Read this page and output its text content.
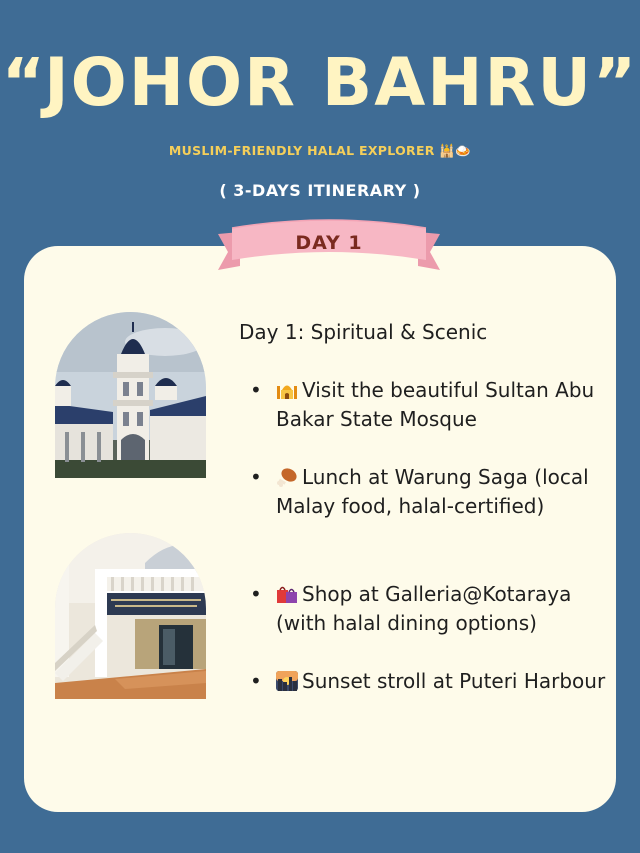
“JOHOR BAHRU”
MUSLIM-FRIENDLY HALAL EXPLORER 🕌🍛
( 3-DAYS ITINERARY )
DAY 1
Day 1: Spiritual & Scenic
•	Visit the beautiful Sultan Abu Bakar State Mosque
•	Lunch at Warung Saga (local Malay food, halal-certified)
•	Shop at Galleria@Kotaraya (with halal dining options)
•	Sunset stroll at Puteri Harbour
